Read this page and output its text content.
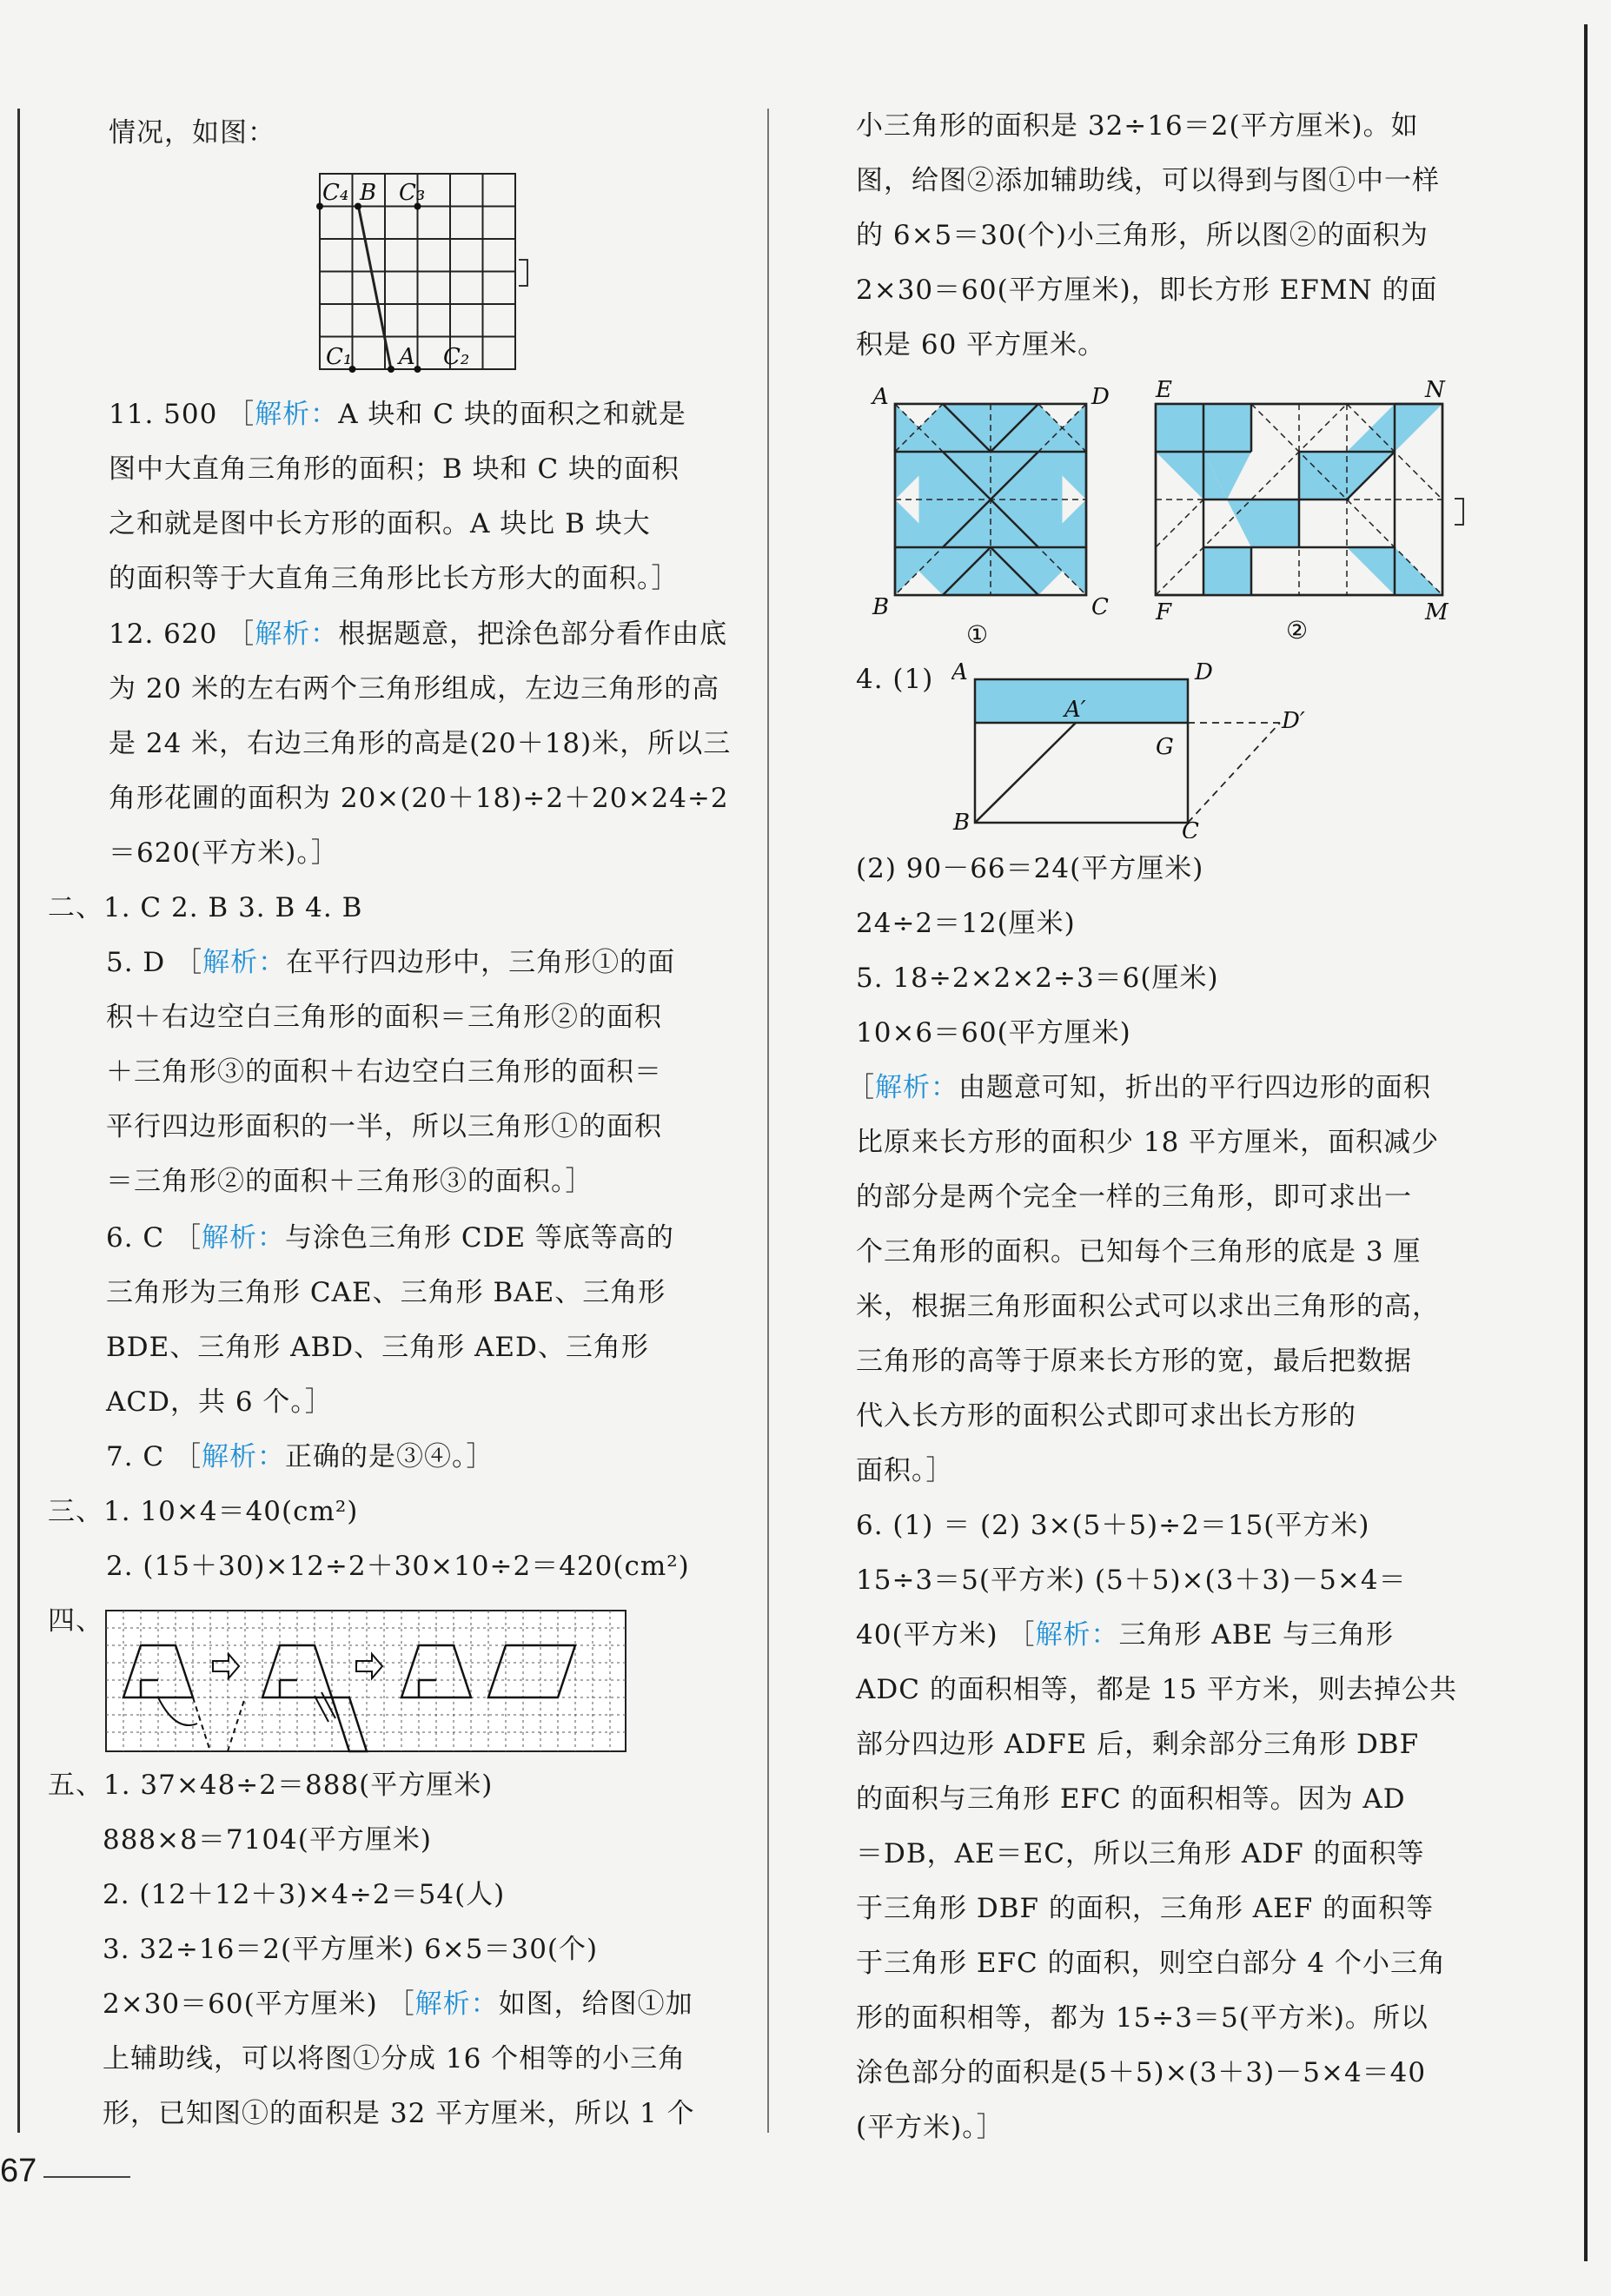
情况，如图：
C₄ B C₃
C₁ A C₂
11. 500 ［解析：A 块和 C 块的面积之和就是
图中大直角三角形的面积；B 块和 C 块的面积
之和就是图中长方形的面积。A 块比 B 块大
的面积等于大直角三角形比长方形大的面积。］
12. 620 ［解析：根据题意，把涂色部分看作由底
为 20 米的左右两个三角形组成，左边三角形的高
是 24 米，右边三角形的高是(20＋18)米，所以三
角形花圃的面积为 20×(20＋18)÷2＋20×24÷2
＝620(平方米)。］
二、1. C 2. B 3. B 4. B
5. D ［解析：在平行四边形中，三角形①的面
积＋右边空白三角形的面积＝三角形②的面积
＋三角形③的面积＋右边空白三角形的面积＝
平行四边形面积的一半，所以三角形①的面积
＝三角形②的面积＋三角形③的面积。］
6. C ［解析：与涂色三角形 CDE 等底等高的
三角形为三角形 CAE、三角形 BAE、三角形
BDE、三角形 ABD、三角形 AED、三角形
ACD，共 6 个。］
7. C ［解析：正确的是③④。］
三、1. 10×4＝40(cm²)
2. (15＋30)×12÷2＋30×10÷2＝420(cm²)
四、
五、1. 37×48÷2＝888(平方厘米)
888×8＝7104(平方厘米)
2. (12＋12＋3)×4÷2＝54(人)
3. 32÷16＝2(平方厘米) 6×5＝30(个)
2×30＝60(平方厘米) ［解析：如图，给图①加
上辅助线，可以将图①分成 16 个相等的小三角
形，已知图①的面积是 32 平方厘米，所以 1 个
小三角形的面积是 32÷16＝2(平方厘米)。如
图，给图②添加辅助线，可以得到与图①中一样
的 6×5＝30(个)小三角形，所以图②的面积为
2×30＝60(平方厘米)，即长方形 EFMN 的面
积是 60 平方厘米。
A	D
B	C
①
E	N
F	M
②
4. (1) A	D
A′	D′
G
B	C
(2) 90－66＝24(平方厘米)
24÷2＝12(厘米)
5. 18÷2×2×2÷3＝6(厘米)
10×6＝60(平方厘米)
［解析：由题意可知，折出的平行四边形的面积
比原来长方形的面积少 18 平方厘米，面积减少
的部分是两个完全一样的三角形，即可求出一
个三角形的面积。已知每个三角形的底是 3 厘
米，根据三角形面积公式可以求出三角形的高，
三角形的高等于原来长方形的宽，最后把数据
代入长方形的面积公式即可求出长方形的
面积。］
6. (1) ＝ (2) 3×(5＋5)÷2＝15(平方米)
15÷3＝5(平方米) (5＋5)×(3＋3)－5×4＝
40(平方米) ［解析：三角形 ABE 与三角形
ADC 的面积相等，都是 15 平方米，则去掉公共
部分四边形 ADFE 后，剩余部分三角形 DBF
的面积与三角形 EFC 的面积相等。因为 AD
＝DB，AE＝EC，所以三角形 ADF 的面积等
于三角形 DBF 的面积，三角形 AEF 的面积等
于三角形 EFC 的面积，则空白部分 4 个小三角
形的面积相等，都为 15÷3＝5(平方米)。所以
涂色部分的面积是(5＋5)×(3＋3)－5×4＝40
(平方米)。］
67
